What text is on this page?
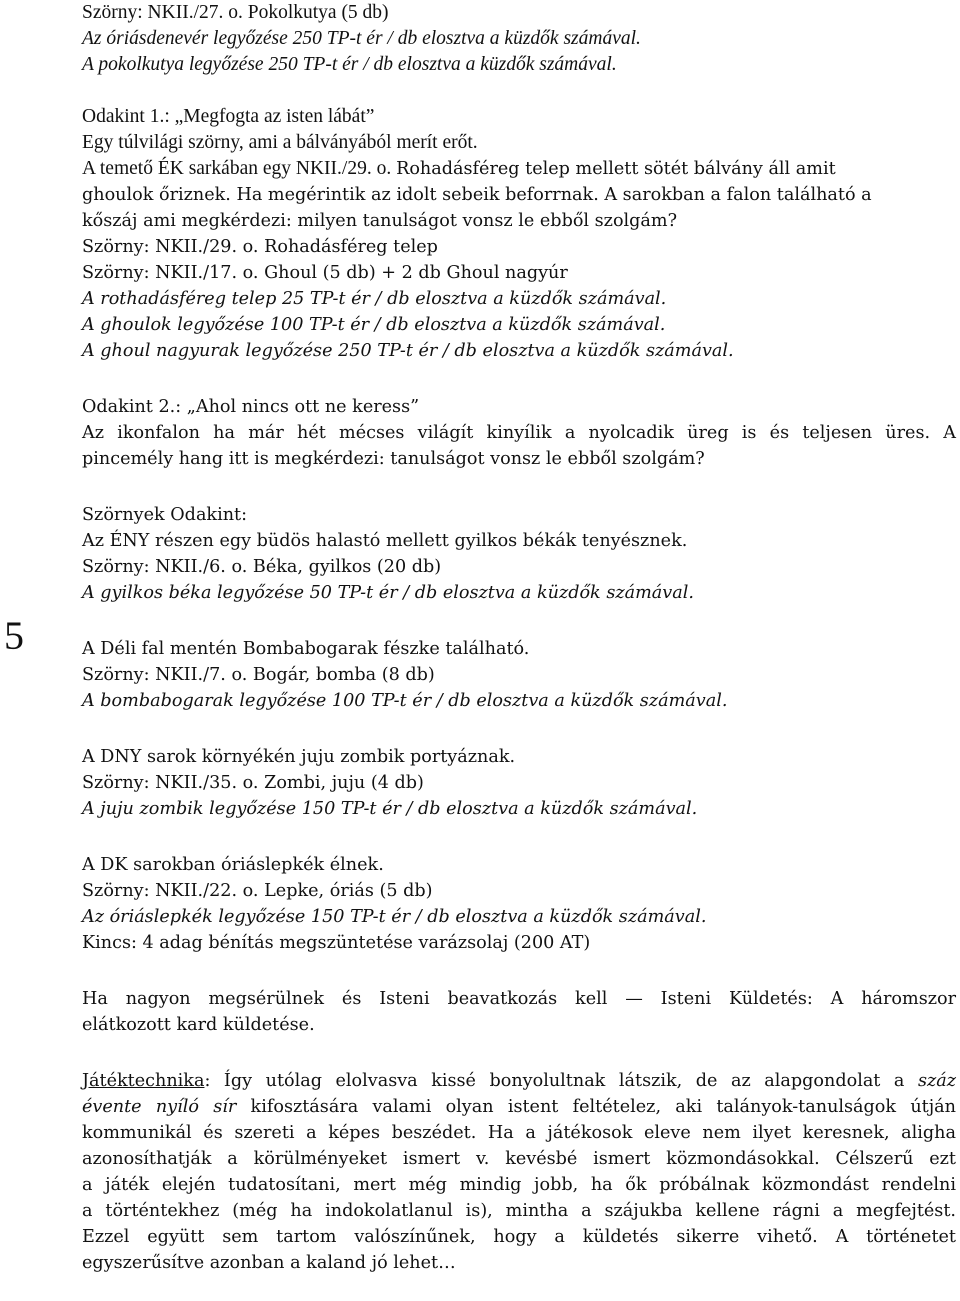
5
Szörny: NKII./27. o. Pokolkutya (5 db)
Az óriásdenevér legyőzése 250 TP-t ér / db elosztva a küzdők számával.
A pokolkutya legyőzése 250 TP-t ér / db elosztva a küzdők számával.
Odakint 1.: „Megfogta az isten lábát”
Egy túlvilági szörny, ami a bálványából merít erőt.
A temető ÉK sarkában egy NKII./29. o. Rohadásféreg telep mellett sötét bálvány áll amit
ghoulok őriznek. Ha megérintik az idolt sebeik beforrnak. A sarokban a falon található a
kőszáj ami megkérdezi: milyen tanulságot vonsz le ebből szolgám?
Szörny: NKII./29. o. Rohadásféreg telep
Szörny: NKII./17. o. Ghoul (5 db) + 2 db Ghoul nagyúr
A rothadásféreg telep 25 TP-t ér / db elosztva a küzdők számával.
A ghoulok legyőzése 100 TP-t ér / db elosztva a küzdők számával.
A ghoul nagyurak legyőzése 250 TP-t ér / db elosztva a küzdők számával.
Odakint 2.: „Ahol nincs ott ne keress”
Az ikonfalon ha már hét mécses világít kinyílik a nyolcadik üreg is és teljesen üres. A
pincemély hang itt is megkérdezi: tanulságot vonsz le ebből szolgám?
Szörnyek Odakint:
Az ÉNY részen egy büdös halastó mellett gyilkos békák tenyésznek.
Szörny: NKII./6. o. Béka, gyilkos (20 db)
A gyilkos béka legyőzése 50 TP-t ér / db elosztva a küzdők számával.
A Déli fal mentén Bombabogarak fészke található.
Szörny: NKII./7. o. Bogár, bomba (8 db)
A bombabogarak legyőzése 100 TP-t ér / db elosztva a küzdők számával.
A DNY sarok környékén juju zombik portyáznak.
Szörny: NKII./35. o. Zombi, juju (4 db)
A juju zombik legyőzése 150 TP-t ér / db elosztva a küzdők számával.
A DK sarokban óriáslepkék élnek.
Szörny: NKII./22. o. Lepke, óriás (5 db)
Az óriáslepkék legyőzése 150 TP-t ér / db elosztva a küzdők számával.
Kincs: 4 adag bénítás megszüntetése varázsolaj (200 AT)
Ha nagyon megsérülnek és Isteni beavatkozás kell — Isteni Küldetés: A háromszor
elátkozott kard küldetése.
Játéktechnika: Így utólag elolvasva kissé bonyolultnak látszik, de az alapgondolat a száz
évente nyíló sír kifosztására valami olyan istent feltételez, aki talányok-tanulságok útján
kommunikál és szereti a képes beszédet. Ha a játékosok eleve nem ilyet keresnek, aligha
azonosíthatják a körülményeket ismert v. kevésbé ismert közmondásokkal. Célszerű ezt
a játék elején tudatosítani, mert még mindig jobb, ha ők próbálnak közmondást rendelni
a történtekhez (még ha indokolatlanul is), mintha a szájukba kellene rágni a megfejtést.
Ezzel együtt sem tartom valószínűnek, hogy a küldetés sikerre vihető. A történetet
egyszerűsítve azonban a kaland jó lehet…
